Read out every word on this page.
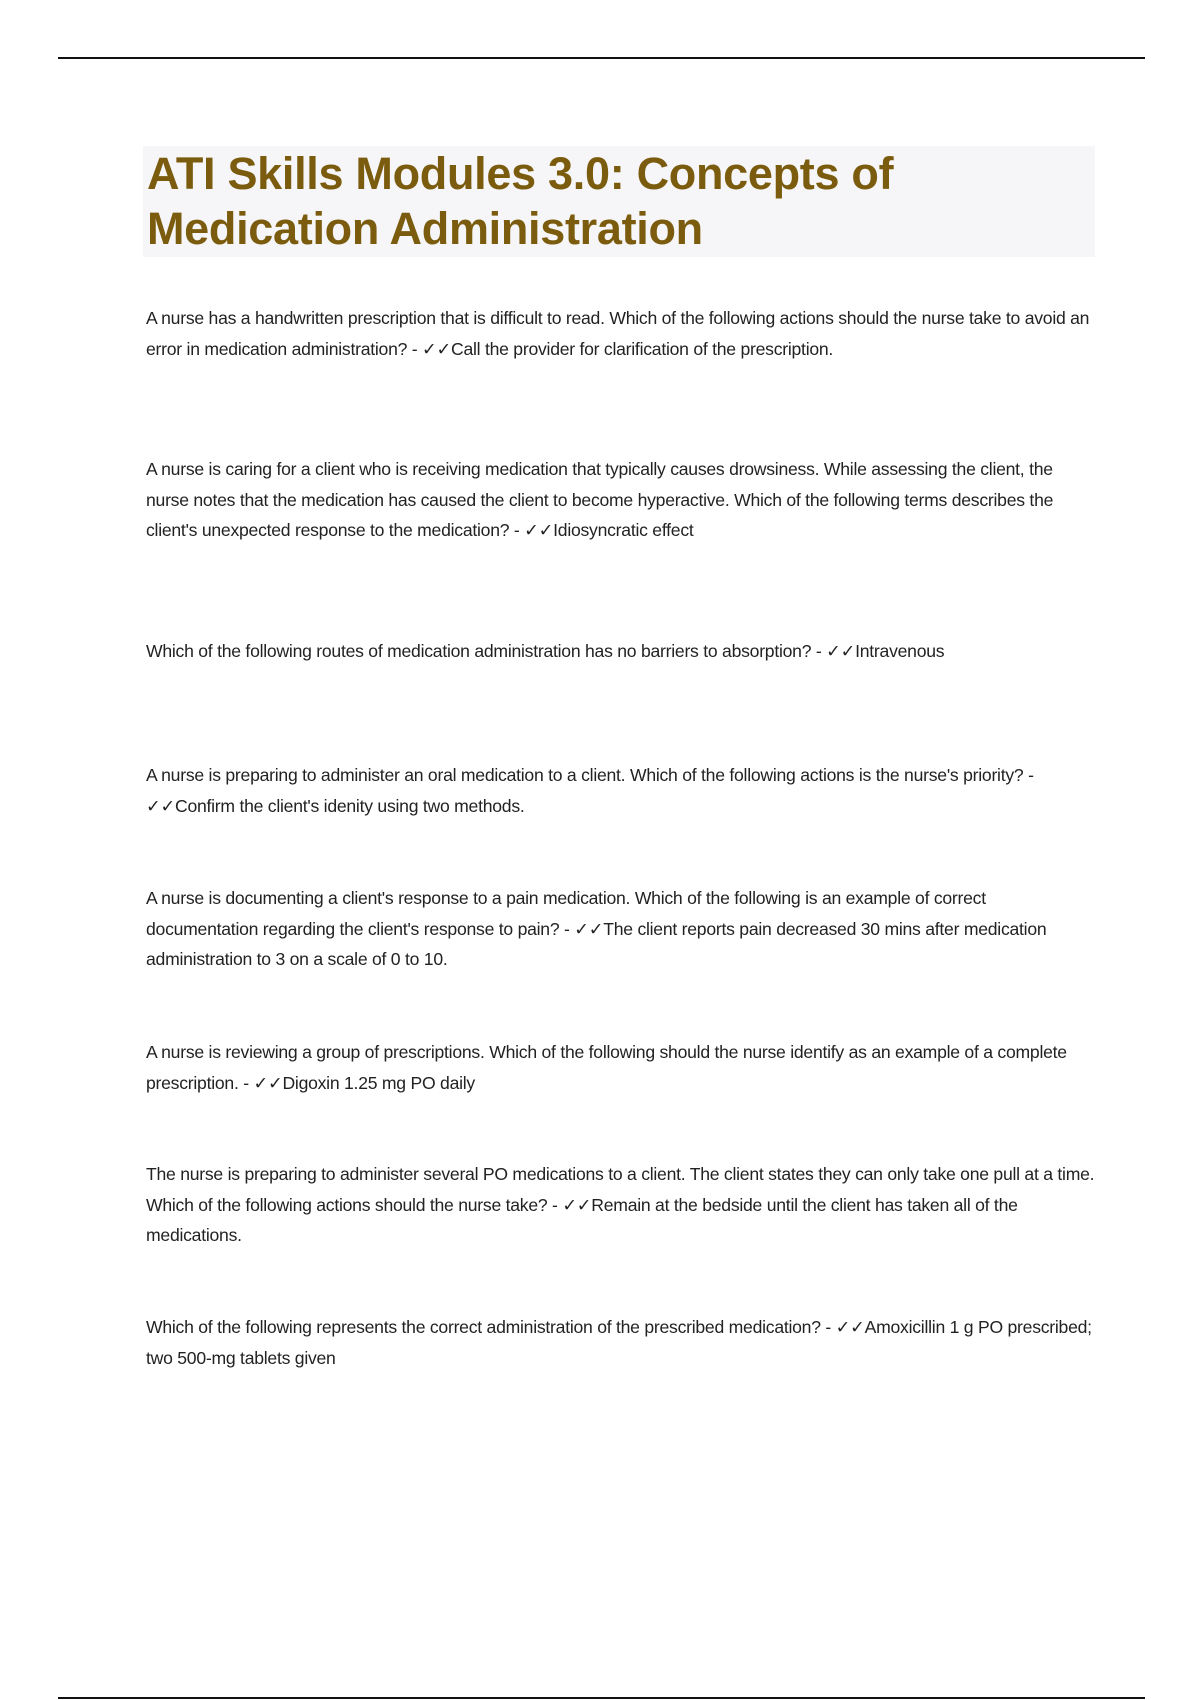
ATI Skills Modules 3.0: Concepts of Medication Administration

A nurse has a handwritten prescription that is difficult to read. Which of the following actions should the nurse take to avoid an error in medication administration? - ✓✓Call the provider for clarification of the prescription.

A nurse is caring for a client who is receiving medication that typically causes drowsiness. While assessing the client, the nurse notes that the medication has caused the client to become hyperactive. Which of the following terms describes the client's unexpected response to the medication? - ✓✓Idiosyncratic effect

Which of the following routes of medication administration has no barriers to absorption? - ✓✓Intravenous

A nurse is preparing to administer an oral medication to a client. Which of the following actions is the nurse's priority? - ✓✓Confirm the client's idenity using two methods.

A nurse is documenting a client's response to a pain medication. Which of the following is an example of correct documentation regarding the client's response to pain? - ✓✓The client reports pain decreased 30 mins after medication administration to 3 on a scale of 0 to 10.

A nurse is reviewing a group of prescriptions. Which of the following should the nurse identify as an example of a complete prescription. - ✓✓Digoxin 1.25 mg PO daily

The nurse is preparing to administer several PO medications to a client. The client states they can only take one pull at a time. Which of the following actions should the nurse take? - ✓✓Remain at the bedside until the client has taken all of the medications.

Which of the following represents the correct administration of the prescribed medication? - ✓✓Amoxicillin 1 g PO prescribed; two 500-mg tablets given
